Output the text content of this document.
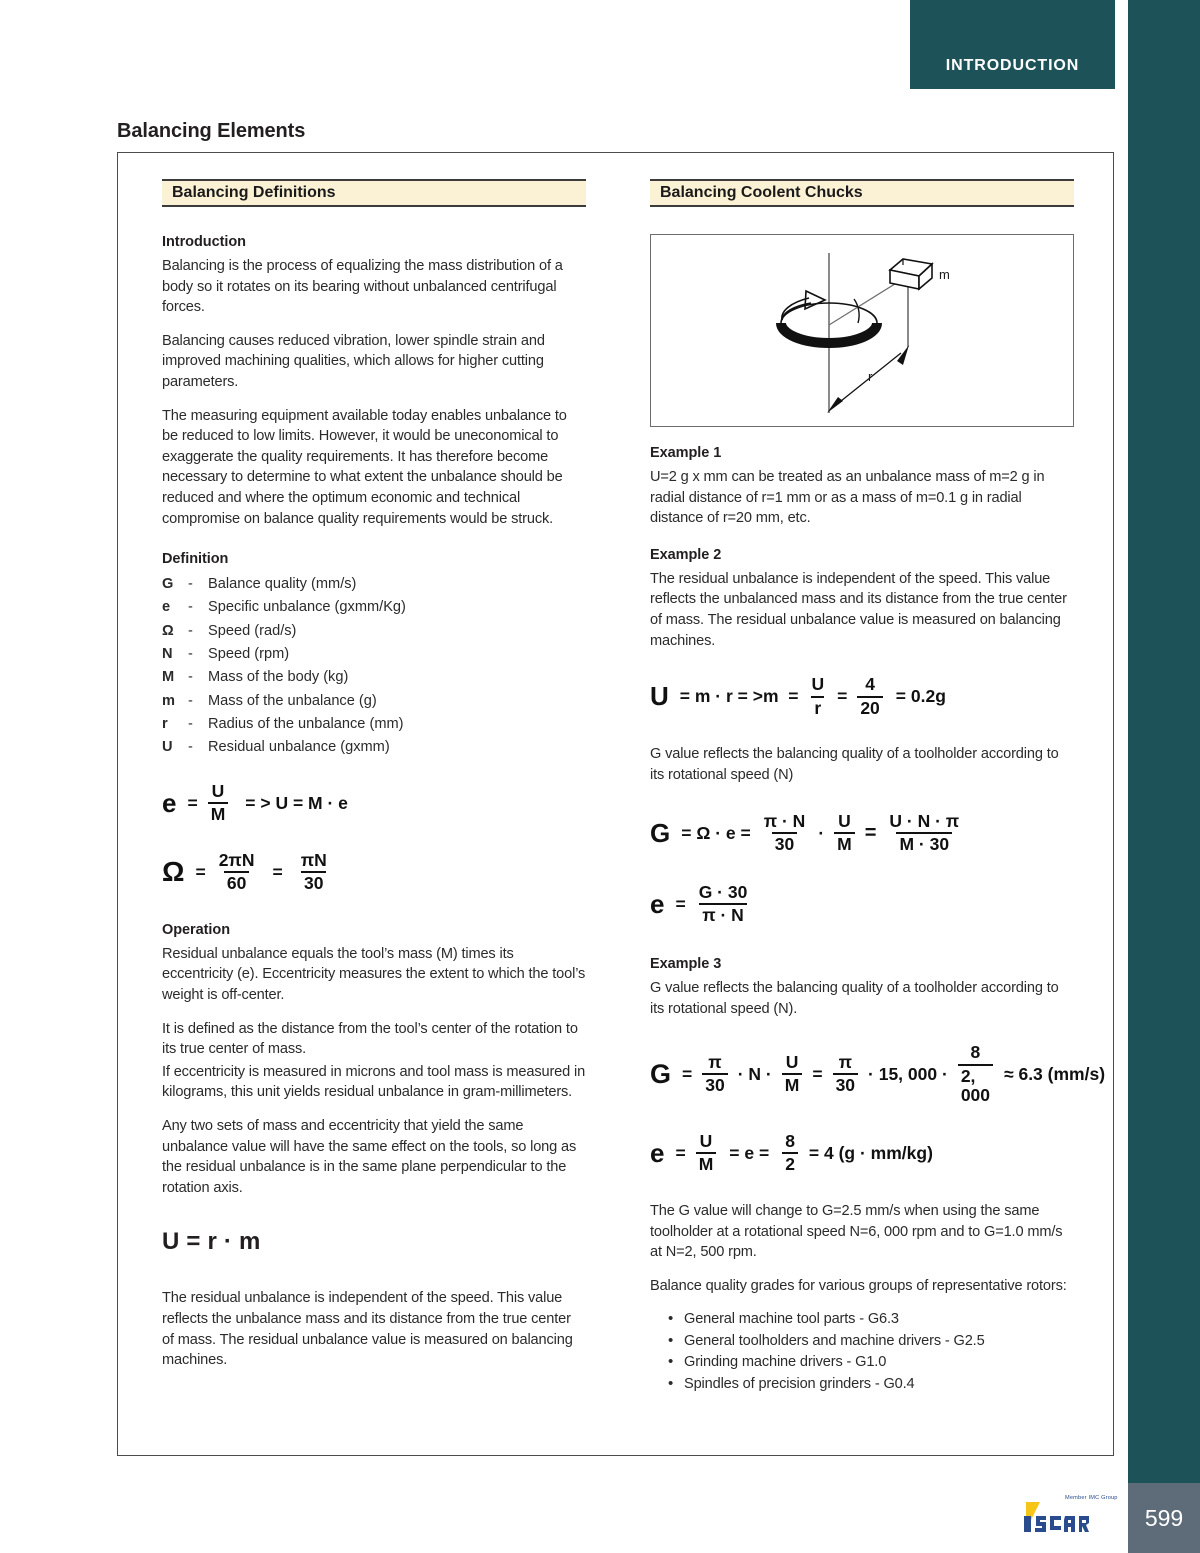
599
INTRODUCTION
Balancing Elements
Balancing Definitions
Introduction

Balancing is the process of equalizing the mass distribution of a body so it rotates on its bearing without unbalanced centrifugal forces.

Balancing causes reduced vibration, lower spindle strain and improved machining qualities, which allows for higher cutting parameters.

The measuring equipment available today enables unbalance to be reduced to low limits. However, it would be uneconomical to exaggerate the quality requirements. It has therefore become necessary to determine to what extent the unbalance should be reduced and where the optimum economic and technical compromise on balance quality requirements would be struck.

Definition
G	-	Balance quality (mm/s)
e	-	Specific unbalance (gxmm/Kg)
Ω -	Speed (rad/s)
N	-	Speed (rpm)
M -	Mass of the body (kg)
m -	Mass of the unbalance (g)
r	-	Radius of the unbalance (mm)
U	-	Residual unbalance (gxmm)
$e = \frac{U}{M}$ = > U = M · e
$\Omega = \frac{2\pi N}{60} = \frac{\pi N}{30}$
Operation

Residual unbalance equals the tool’s mass (M) times its eccentricity (e). Eccentricity measures the extent to which the tool’s weight is off-center.

It is defined as the distance from the tool’s center of the rotation to its true center of mass.

If eccentricity is measured in microns and tool mass is measured in kilograms, this unit yields residual unbalance in gram-millimeters.

Any two sets of mass and eccentricity that yield the same unbalance value will have the same effect on the tools, so long as the residual unbalance is in the same plane perpendicular to the rotation axis.

U = r · m

The residual unbalance is independent of the speed. This value reflects the unbalance mass and its distance from the true center of mass. The residual unbalance value is measured on balancing machines.

Balancing Coolent Chucks
m
r
Example 1

U=2 g x mm can be treated as an unbalance mass of m=2 g in radial distance of r=1 mm or as a mass of m=0.1 g in radial distance of r=20 mm, etc.

Example 2

The residual unbalance is independent of the speed. This value reflects the unbalanced mass and its distance from the true center of mass. The residual unbalance value is measured on balancing machines.

$U = m \cdot r = >m = \frac{U}{r} = \frac{4}{20} = 0.2g$

G value reflects the balancing quality of a toolholder according to its rotational speed (N)

$G = \Omega \cdot e = \frac{\pi \cdot N}{30} \cdot \frac{U}{M} = \frac{U \cdot N \cdot \pi}{M \cdot 30}$
$e = \frac{G \cdot 30}{\pi \cdot N}$
Example 3

G value reflects the balancing quality of a toolholder according to its rotational speed (N).

$G = \frac{\pi}{30} \cdot N \cdot \frac{U}{M} = \frac{\pi}{30} \cdot 15$, $000 \cdot \frac{8}{2, 000} \approx 6.3$ (mm/s)
$e = \frac{U}{M} = e = \frac{8}{2} = 4$ (g · mm/kg)

The G value will change to G=2.5 mm/s when using the same toolholder at a rotational speed N=6, 000 rpm and to G=1.0 mm/s at N=2, 500 rpm.

Balance quality grades for various groups of representative rotors:

• General machine tool parts - G6.3
• General toolholders and machine drivers - G2.5
• Grinding machine drivers - G1.0
• Spindles of precision grinders - G0.4
Member IMC Group
